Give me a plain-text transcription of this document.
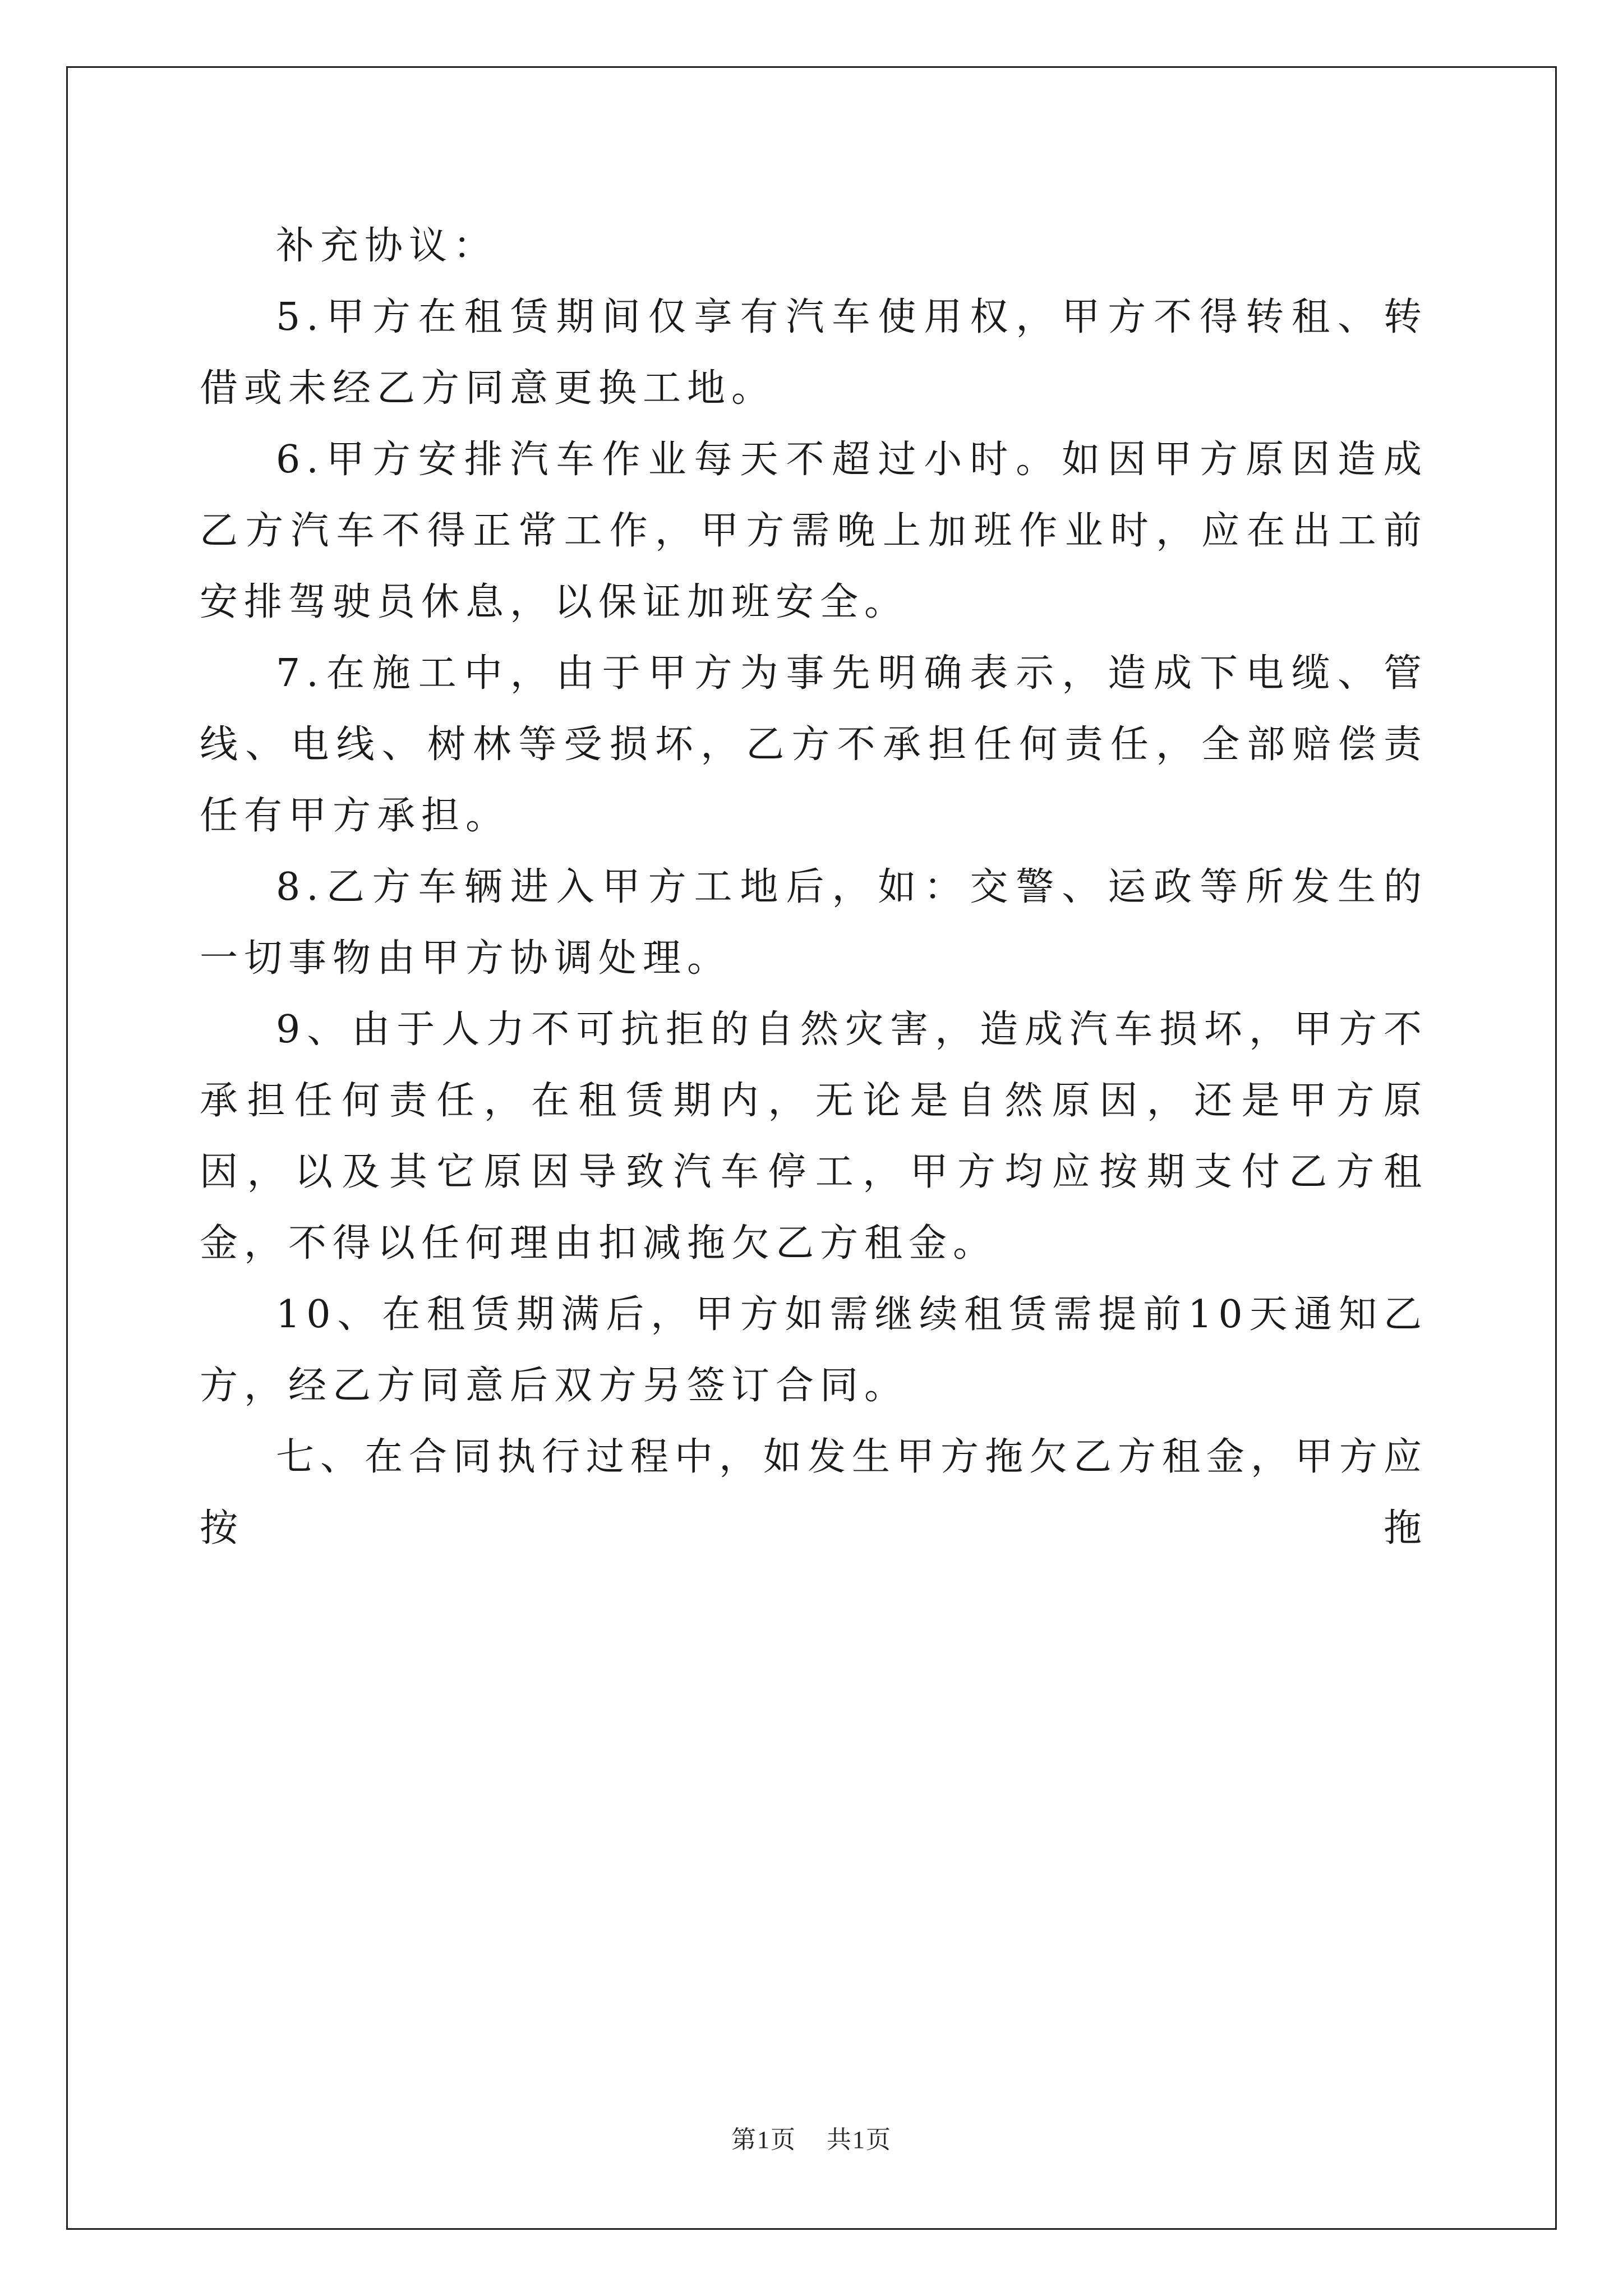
补充协议：

5.甲方在租赁期间仅享有汽车使用权，甲方不得转租、转借或未经乙方同意更换工地。

6.甲方安排汽车作业每天不超过小时。如因甲方原因造成乙方汽车不得正常工作，甲方需晚上加班作业时，应在出工前安排驾驶员休息，以保证加班安全。

7.在施工中，由于甲方为事先明确表示，造成下电缆、管线、电线、树林等受损坏，乙方不承担任何责任，全部赔偿责任有甲方承担。

8.乙方车辆进入甲方工地后，如：交警、运政等所发生的一切事物由甲方协调处理。

9、由于人力不可抗拒的自然灾害，造成汽车损坏，甲方不承担任何责任，在租赁期内，无论是自然原因，还是甲方原因，以及其它原因导致汽车停工，甲方均应按期支付乙方租金，不得以任何理由扣减拖欠乙方租金。

10、在租赁期满后，甲方如需继续租赁需提前10天通知乙方，经乙方同意后双方另签订合同。

七、在合同执行过程中，如发生甲方拖欠乙方租金，甲方应按拖

第1页 共1页
